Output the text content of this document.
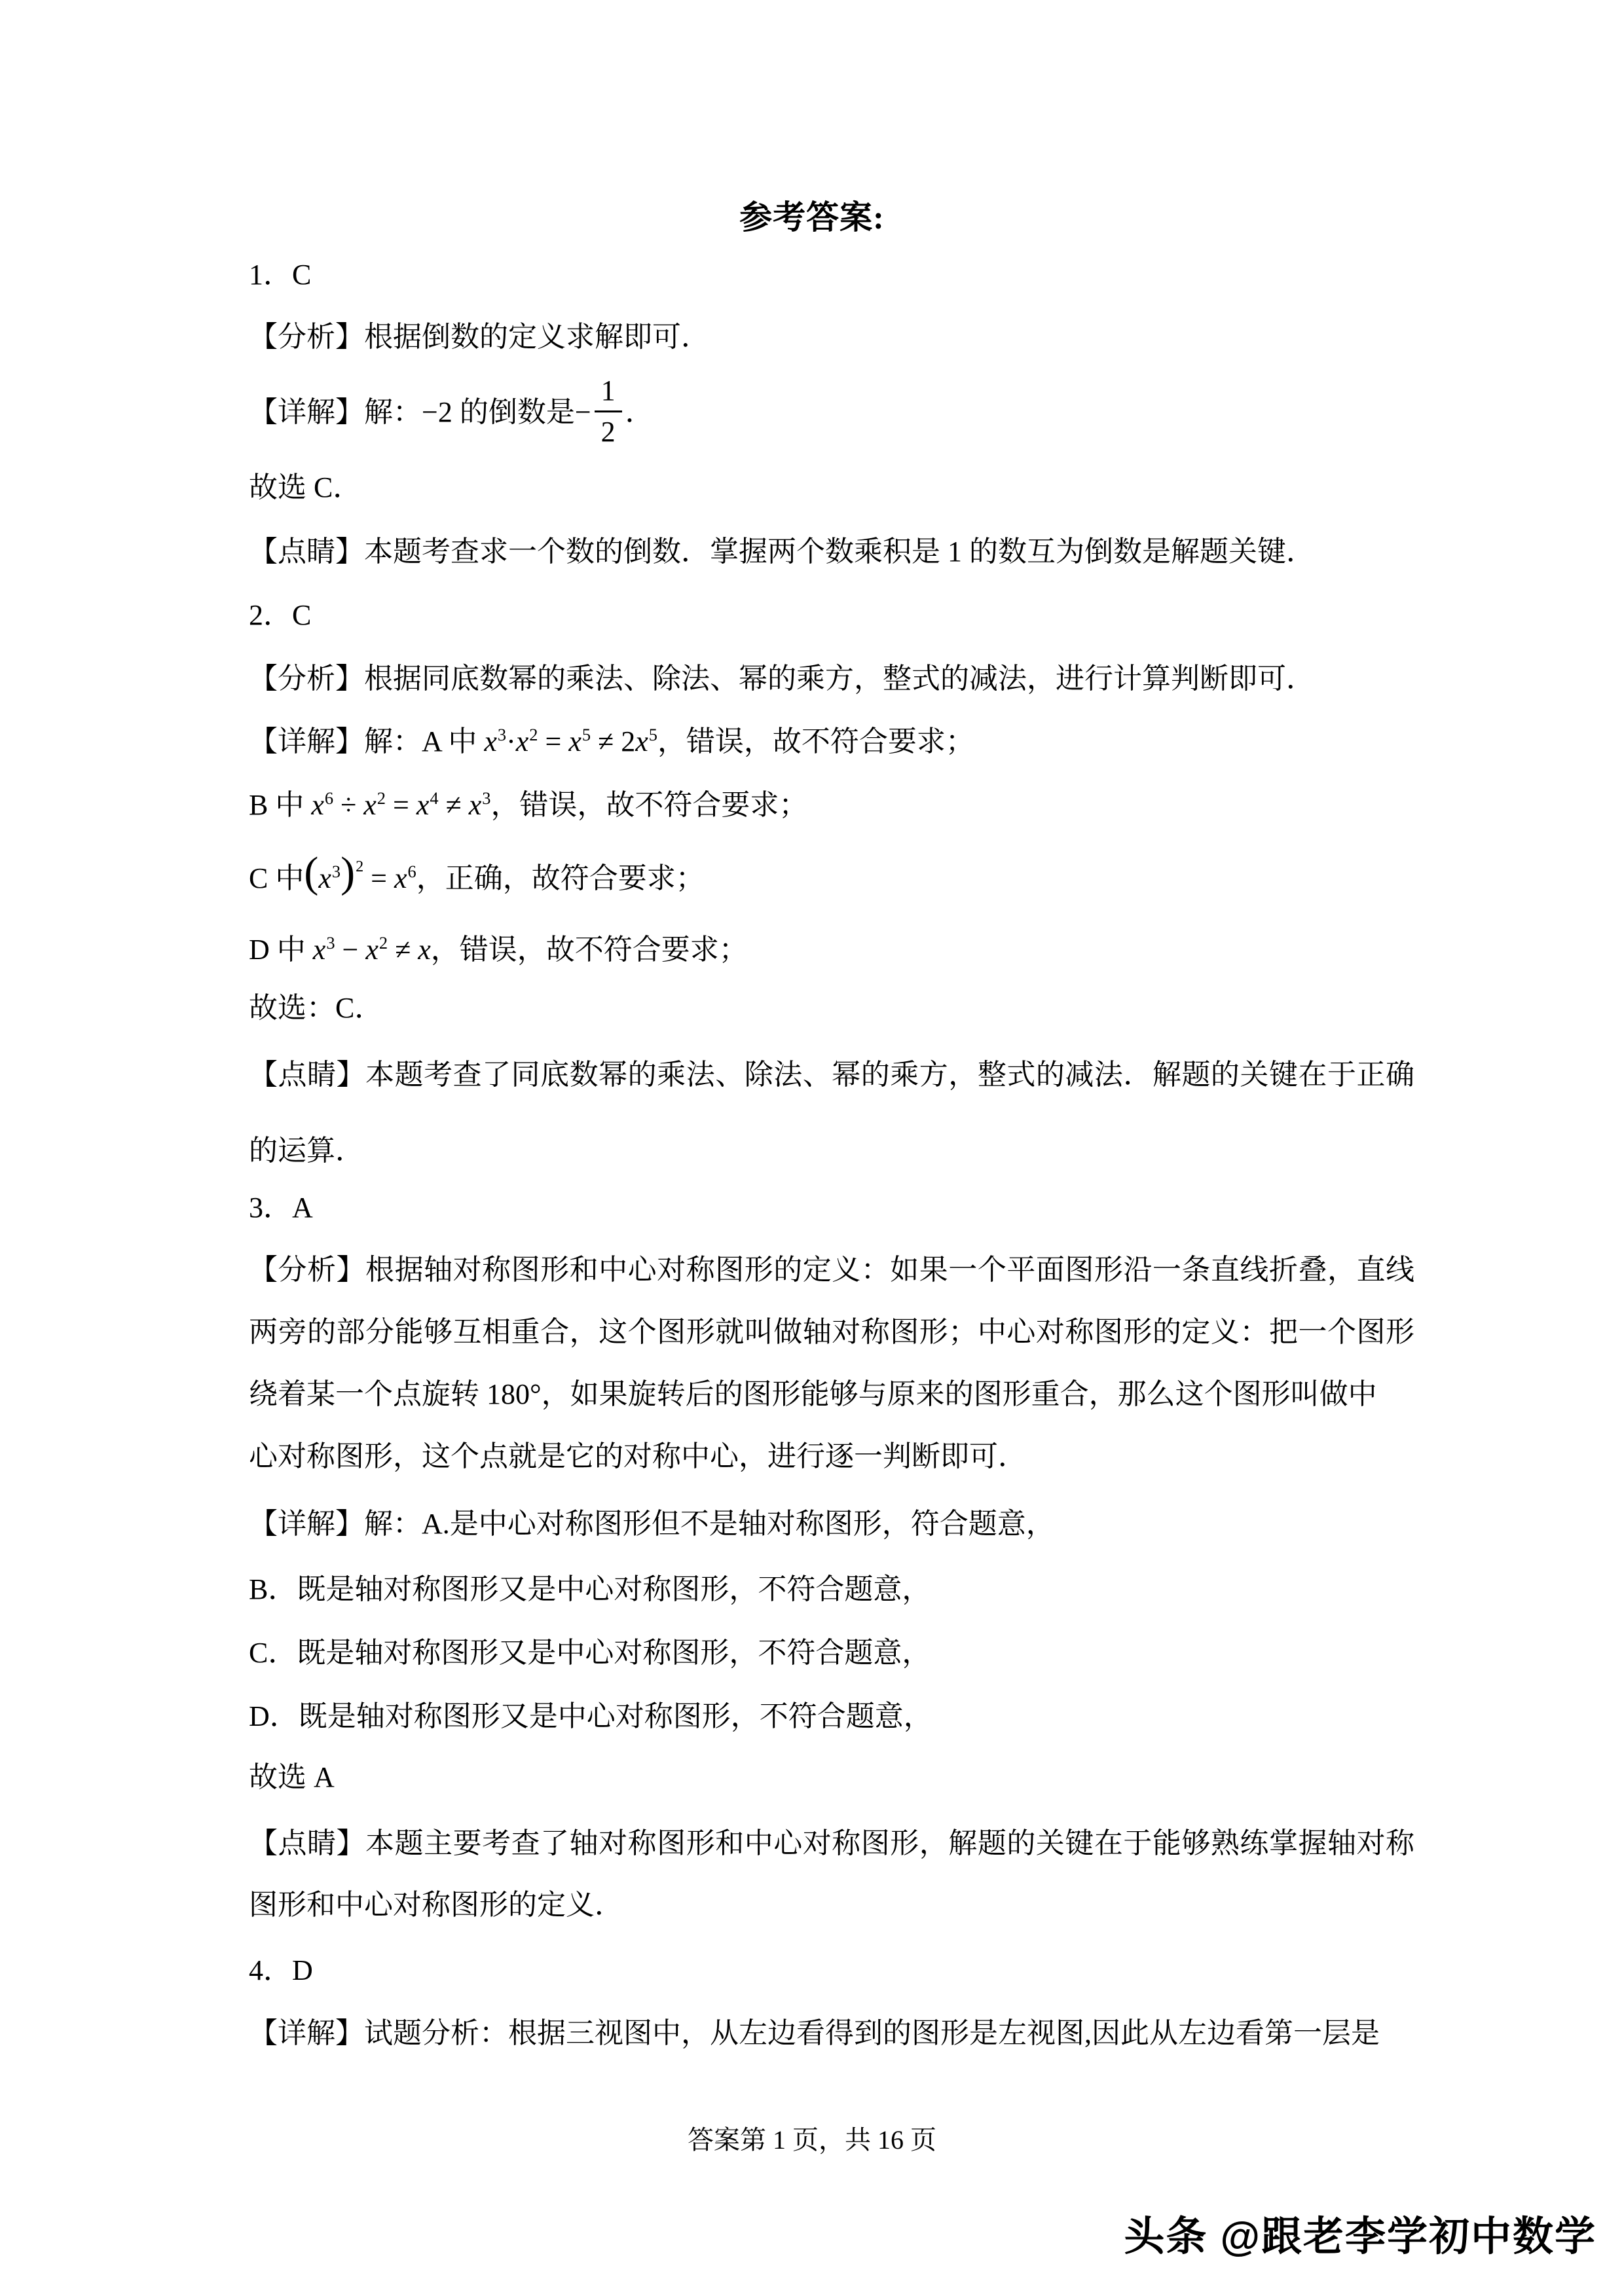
参考答案:
1．C
【分析】根据倒数的定义求解即可．
【详解】解：−2 的倒数是− $\frac{1}{2}$ ．
故选 C．
【点睛】本题考查求一个数的倒数．掌握两个数乘积是 1 的数互为倒数是解题关键．
2．C
【分析】根据同底数幂的乘法、除法、幂的乘方，整式的减法，进行计算判断即可．
【详解】解：A 中 $x^3\cdot x^2 = x^5 \ne 2x^5$，错误，故不符合要求；
B 中 $x^6 \div x^2 = x^4 \ne x^3$，错误，故不符合要求；
C 中$(x^3)^2 = x^6$，正确，故符合要求；
D 中 $x^3 - x^2 \ne x$，错误，故不符合要求；
故选：C．
【点睛】本题考查了同底数幂的乘法、除法、幂的乘方，整式的减法．解题的关键在于正确
的运算．
3．A
【分析】根据轴对称图形和中心对称图形的定义：如果一个平面图形沿一条直线折叠，直线
两旁的部分能够互相重合，这个图形就叫做轴对称图形；中心对称图形的定义：把一个图形
绕着某一个点旋转 180°，如果旋转后的图形能够与原来的图形重合，那么这个图形叫做中
心对称图形，这个点就是它的对称中心，进行逐一判断即可．
【详解】解：A.是中心对称图形但不是轴对称图形，符合题意，
B．既是轴对称图形又是中心对称图形，不符合题意，
C．既是轴对称图形又是中心对称图形，不符合题意，
D．既是轴对称图形又是中心对称图形，不符合题意，
故选 A
【点睛】本题主要考查了轴对称图形和中心对称图形，解题的关键在于能够熟练掌握轴对称
图形和中心对称图形的定义．
4．D
【详解】试题分析：根据三视图中，从左边看得到的图形是左视图,因此从左边看第一层是
答案第 1 页，共 16 页
头条 @跟老李学初中数学
